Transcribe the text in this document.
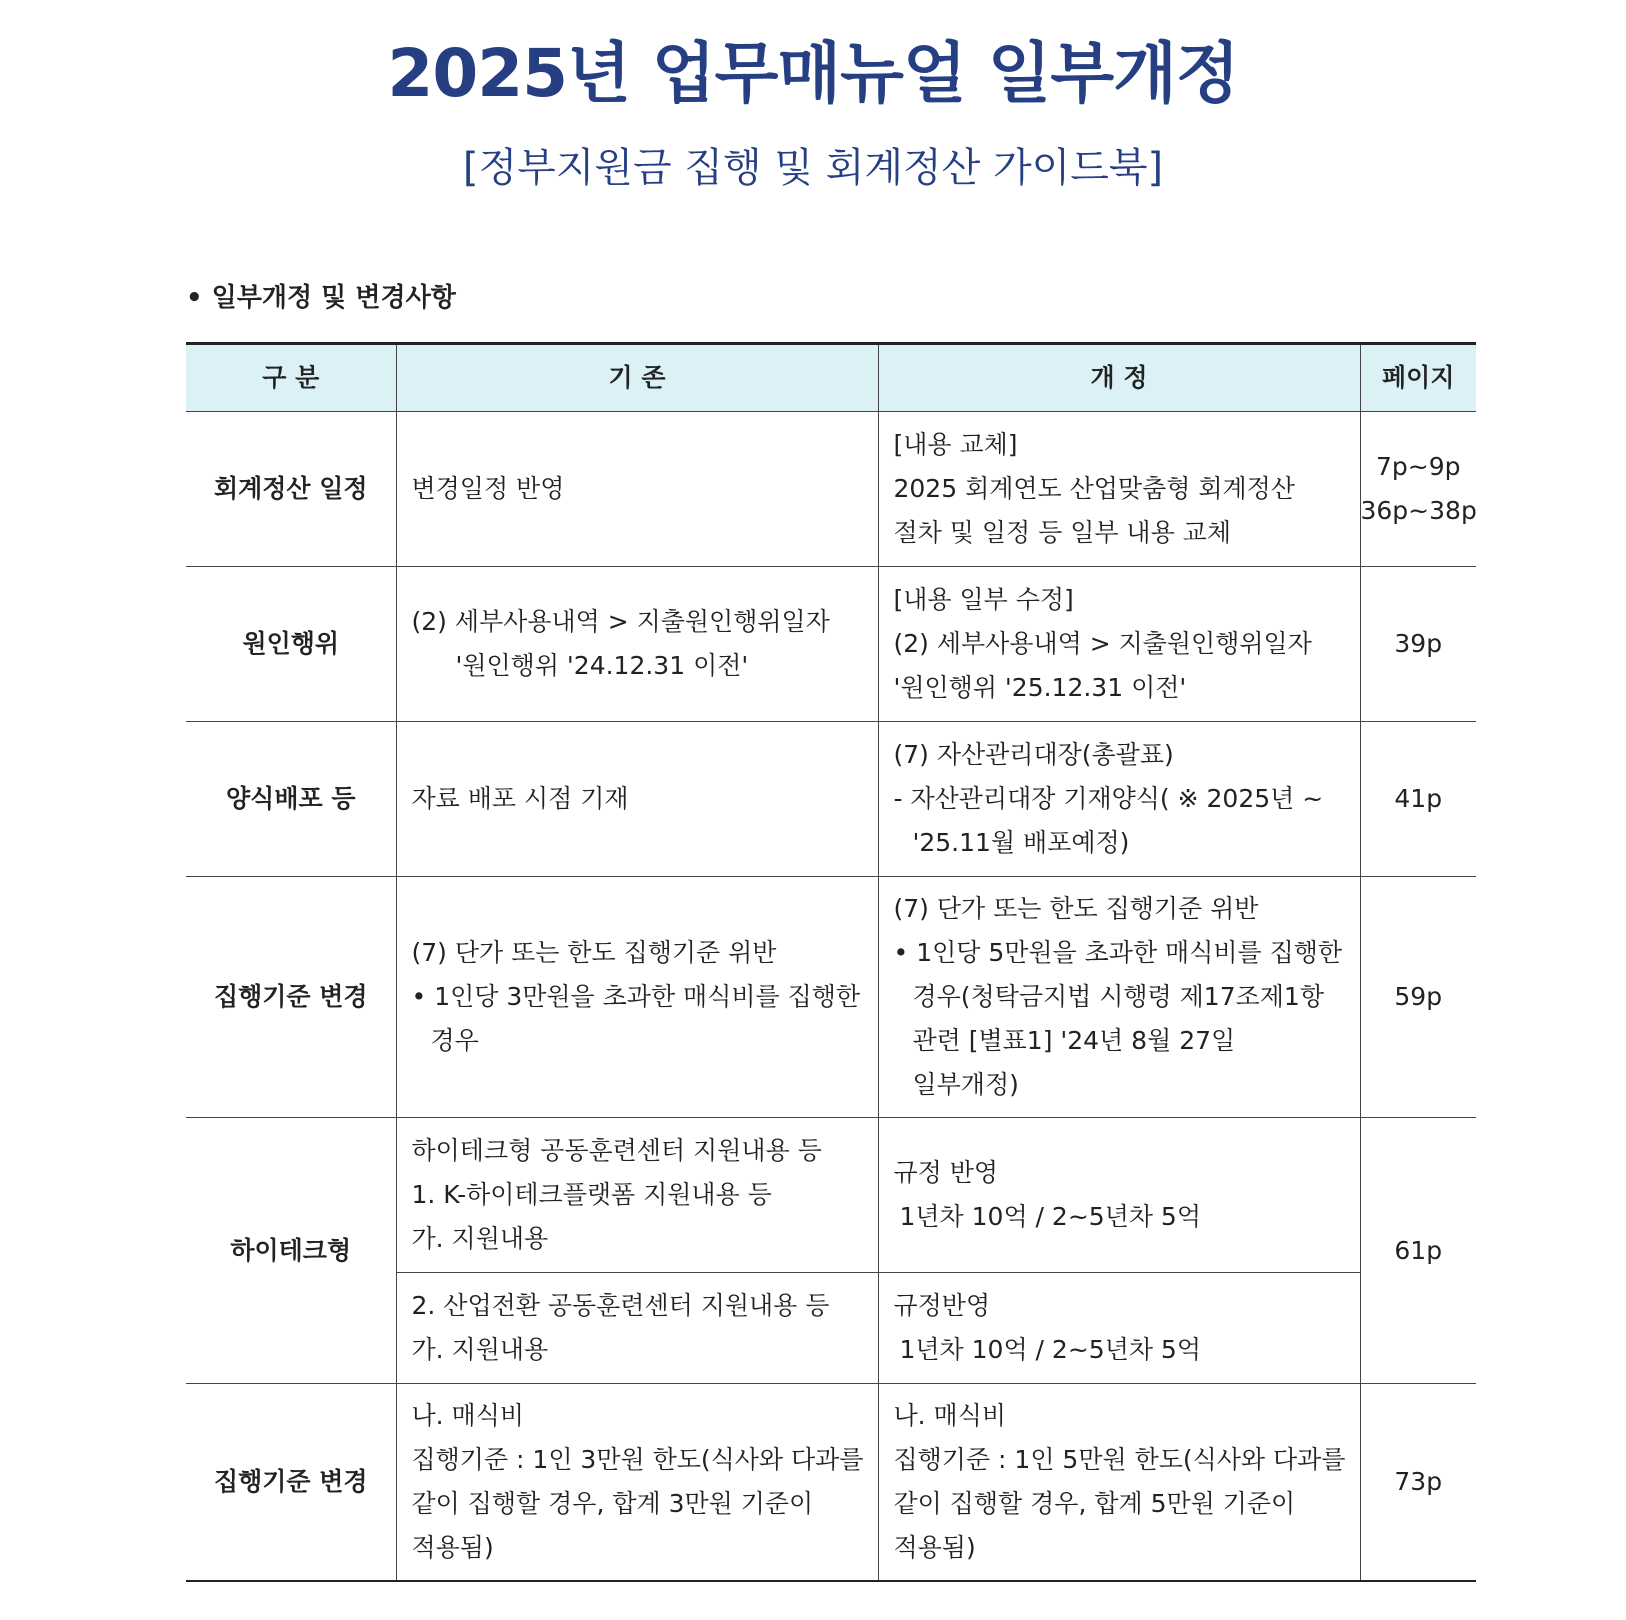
2025년 업무매뉴얼 일부개정
[정부지원금 집행 및 회계정산 가이드북]
• 일부개정 및 변경사항
구 분	기 존	개 정	페이지
회계정산 일정	변경일정 반영	[내용 교체]
2025 회계연도 산업맞춤형 회계정산
절차 및 일정 등 일부 내용 교체	7p~9p
36p~38p

원인행위	(2) 세부사용내역 > 지출원인행위일자
'원인행위 '24.12.31 이전'	[내용 일부 수정]
(2) 세부사용내역 > 지출원인행위일자
'원인행위 '25.12.31 이전'	39p

양식배포 등	자료 배포 시점 기재	(7) 자산관리대장(총괄표)
- 자산관리대장 기재양식( ※ 2025년 ~
'25.11월 배포예정)	41p

집행기준 변경	(7) 단가 또는 한도 집행기준 위반
• 1인당 3만원을 초과한 매식비를 집행한
경우	(7) 단가 또는 한도 집행기준 위반
• 1인당 5만원을 초과한 매식비를 집행한
경우(청탁금지법 시행령 제17조제1항
관련 [별표1] '24년 8월 27일
일부개정)	59p

하이테크형	하이테크형 공동훈련센터 지원내용 등
1. K-하이테크플랫폼 지원내용 등
가. 지원내용	규정 반영
1년차 10억 / 2~5년차 5억	61p

	2. 산업전환 공동훈련센터 지원내용 등
가. 지원내용	규정반영
1년차 10억 / 2~5년차 5억	

집행기준 변경	나. 매식비
집행기준 : 1인 3만원 한도(식사와 다과를
같이 집행할 경우, 합계 3만원 기준이
적용됨)	나. 매식비
집행기준 : 1인 5만원 한도(식사와 다과를
같이 집행할 경우, 합계 5만원 기준이
적용됨)	73p
